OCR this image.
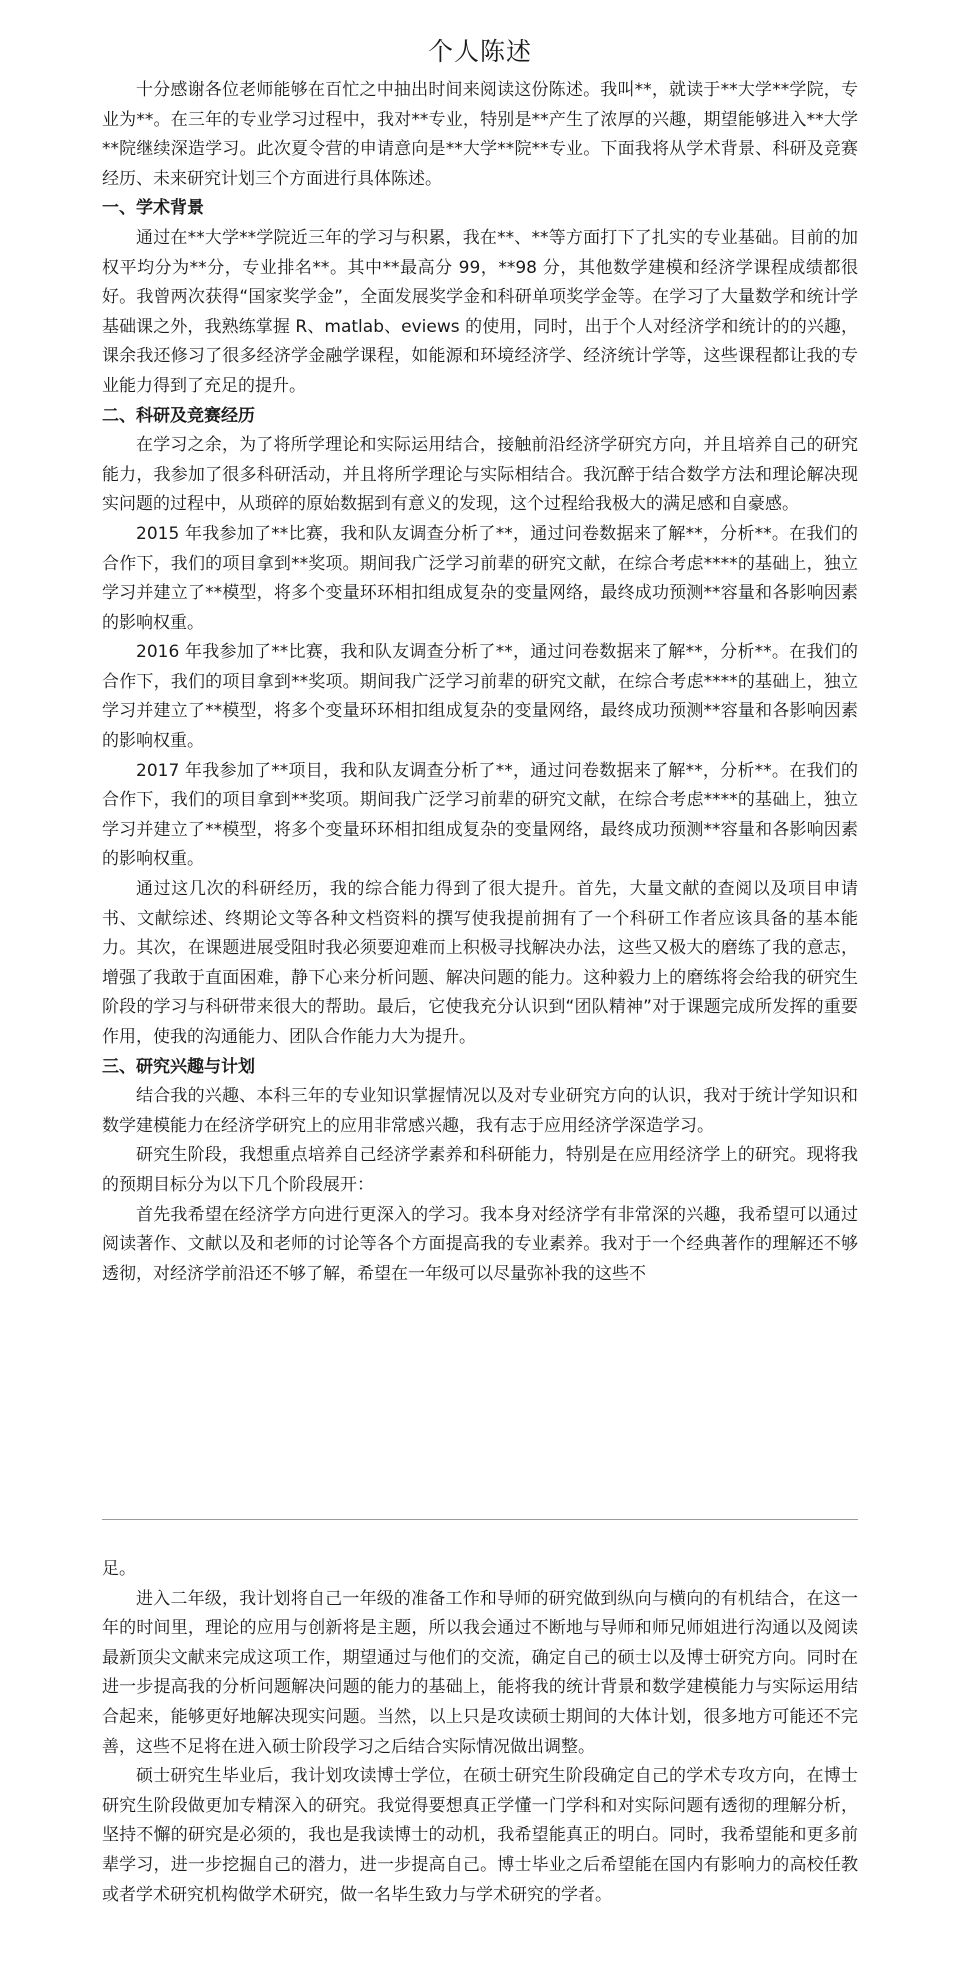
个人陈述

十分感谢各位老师能够在百忙之中抽出时间来阅读这份陈述。我叫**，就读于**大学**学院，专业为**。在三年的专业学习过程中，我对**专业，特别是**产生了浓厚的兴趣，期望能够进入**大学**院继续深造学习。此次夏令营的申请意向是**大学**院**专业。下面我将从学术背景、科研及竞赛经历、未来研究计划三个方面进行具体陈述。

一、学术背景

通过在**大学**学院近三年的学习与积累，我在**、**等方面打下了扎实的专业基础。目前的加权平均分为**分，专业排名**。其中**最高分 99，**98 分，其他数学建模和经济学课程成绩都很好。我曾两次获得“国家奖学金”，全面发展奖学金和科研单项奖学金等。在学习了大量数学和统计学基础课之外，我熟练掌握 R、matlab、eviews 的使用，同时，出于个人对经济学和统计的的兴趣，课余我还修习了很多经济学金融学课程，如能源和环境经济学、经济统计学等，这些课程都让我的专业能力得到了充足的提升。

二、科研及竞赛经历

在学习之余，为了将所学理论和实际运用结合，接触前沿经济学研究方向，并且培养自己的研究能力，我参加了很多科研活动，并且将所学理论与实际相结合。我沉醉于结合数学方法和理论解决现实问题的过程中，从琐碎的原始数据到有意义的发现，这个过程给我极大的满足感和自豪感。

2015 年我参加了**比赛，我和队友调查分析了**，通过问卷数据来了解**，分析**。在我们的合作下，我们的项目拿到**奖项。期间我广泛学习前辈的研究文献，在综合考虑****的基础上，独立学习并建立了**模型，将多个变量环环相扣组成复杂的变量网络，最终成功预测**容量和各影响因素的影响权重。

2016 年我参加了**比赛，我和队友调查分析了**，通过问卷数据来了解**，分析**。在我们的合作下，我们的项目拿到**奖项。期间我广泛学习前辈的研究文献，在综合考虑****的基础上，独立学习并建立了**模型，将多个变量环环相扣组成复杂的变量网络，最终成功预测**容量和各影响因素的影响权重。

2017 年我参加了**项目，我和队友调查分析了**，通过问卷数据来了解**，分析**。在我们的合作下，我们的项目拿到**奖项。期间我广泛学习前辈的研究文献，在综合考虑****的基础上，独立学习并建立了**模型，将多个变量环环相扣组成复杂的变量网络，最终成功预测**容量和各影响因素的影响权重。

通过这几次的科研经历，我的综合能力得到了很大提升。首先，大量文献的查阅以及项目申请书、文献综述、终期论文等各种文档资料的撰写使我提前拥有了一个科研工作者应该具备的基本能力。其次，在课题进展受阻时我必须要迎难而上积极寻找解决办法，这些又极大的磨练了我的意志，增强了我敢于直面困难，静下心来分析问题、解决问题的能力。这种毅力上的磨练将会给我的研究生阶段的学习与科研带来很大的帮助。最后，它使我充分认识到“团队精神”对于课题完成所发挥的重要作用，使我的沟通能力、团队合作能力大为提升。

三、研究兴趣与计划

结合我的兴趣、本科三年的专业知识掌握情况以及对专业研究方向的认识，我对于统计学知识和数学建模能力在经济学研究上的应用非常感兴趣，我有志于应用经济学深造学习。

研究生阶段，我想重点培养自己经济学素养和科研能力，特别是在应用经济学上的研究。现将我的预期目标分为以下几个阶段展开：

首先我希望在经济学方向进行更深入的学习。我本身对经济学有非常深的兴趣，我希望可以通过阅读著作、文献以及和老师的讨论等各个方面提高我的专业素养。我对于一个经典著作的理解还不够透彻，对经济学前沿还不够了解，希望在一年级可以尽量弥补我的这些不

足。

进入二年级，我计划将自己一年级的准备工作和导师的研究做到纵向与横向的有机结合，在这一年的时间里，理论的应用与创新将是主题，所以我会通过不断地与导师和师兄师姐进行沟通以及阅读最新顶尖文献来完成这项工作，期望通过与他们的交流，确定自己的硕士以及博士研究方向。同时在进一步提高我的分析问题解决问题的能力的基础上，能将我的统计背景和数学建模能力与实际运用结合起来，能够更好地解决现实问题。当然，以上只是攻读硕士期间的大体计划，很多地方可能还不完善，这些不足将在进入硕士阶段学习之后结合实际情况做出调整。

硕士研究生毕业后，我计划攻读博士学位，在硕士研究生阶段确定自己的学术专攻方向，在博士研究生阶段做更加专精深入的研究。我觉得要想真正学懂一门学科和对实际问题有透彻的理解分析，坚持不懈的研究是必须的，我也是我读博士的动机，我希望能真正的明白。同时，我希望能和更多前辈学习，进一步挖掘自己的潜力，进一步提高自己。博士毕业之后希望能在国内有影响力的高校任教或者学术研究机构做学术研究，做一名毕生致力与学术研究的学者。
